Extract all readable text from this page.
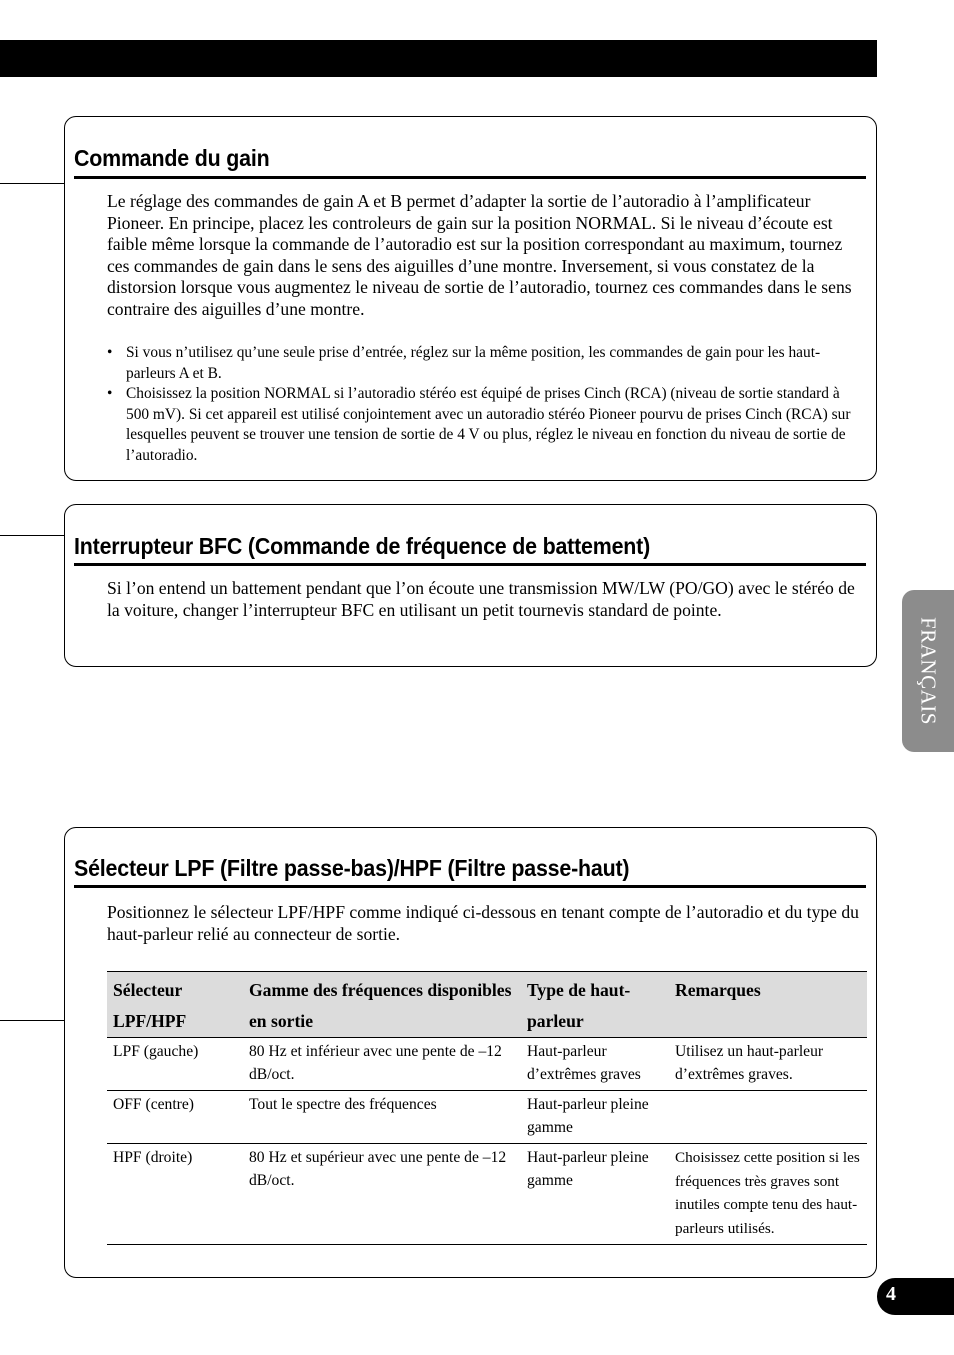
Commande du gain

Le réglage des commandes de gain A et B permet d’adapter la sortie de l’autoradio à l’amplificateur Pioneer. En principe, placez les controleurs de gain sur la position NORMAL. Si le niveau d’écoute est faible même lorsque la commande de l’autoradio est sur la position correspondant au maximum, tournez ces commandes de gain dans le sens des aiguilles d’une montre. Inversement, si vous constatez de la distorsion lorsque vous augmentez le niveau de sortie de l’autoradio, tournez ces commandes dans le sens contraire des aiguilles d’une montre.

• Si vous n’utilisez qu’une seule prise d’entrée, réglez sur la même position, les commandes de gain pour les haut-parleurs A et B.
• Choisissez la position NORMAL si l’autoradio stéréo est équipé de prises Cinch (RCA) (niveau de sortie standard à 500 mV). Si cet appareil est utilisé conjointement avec un autoradio stéréo Pioneer pourvu de prises Cinch (RCA) sur lesquelles peuvent se trouver une tension de sortie de 4 V ou plus, réglez le niveau en fonction du niveau de sortie de l’autoradio.
Interrupteur BFC (Commande de fréquence de battement)

Si l’on entend un battement pendant que l’on écoute une transmission MW/LW (PO/GO) avec le stéréo de la voiture, changer l’interrupteur BFC en utilisant un petit tournevis standard de pointe.

Sélecteur LPF (Filtre passe-bas)/HPF (Filtre passe-haut)

Positionnez le sélecteur LPF/HPF comme indiqué ci-dessous en tenant compte de l’autoradio et du type du haut-parleur relié au connecteur de sortie.

Sélecteur LPF/HPF	Gamme des fréquences disponibles en sortie	Type de haut-parleur	Remarques
LPF (gauche)	80 Hz et inférieur avec une pente de –12 dB/oct.	Haut-parleur d’extrêmes graves	Utilisez un haut-parleur d’extrêmes graves.
OFF (centre)	Tout le spectre des fréquences	Haut-parleur pleine gamme	
HPF (droite)	80 Hz et supérieur avec une pente de –12 dB/oct.	Haut-parleur pleine gamme	Choisissez cette position si les fréquences très graves sont inutiles compte tenu des haut-parleurs utilisés.
FRANÇAIS
4
